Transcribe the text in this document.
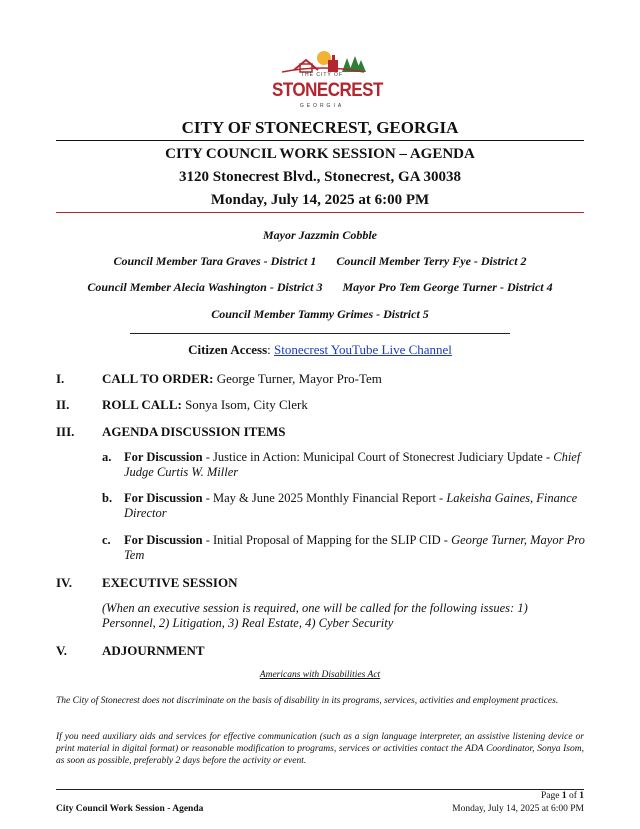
THE CITY OF
STONECREST
GEORGIA
CITY OF STONECREST, GEORGIA
CITY COUNCIL WORK SESSION – AGENDA
3120 Stonecrest Blvd., Stonecrest, GA 30038
Monday, July 14, 2025 at 6:00 PM
Mayor Jazzmin Cobble
Council Member Tara Graves - District 1 Council Member Terry Fye - District 2
Council Member Alecia Washington - District 3 Mayor Pro Tem George Turner - District 4
Council Member Tammy Grimes - District 5
Citizen Access: Stonecrest YouTube Live Channel
I.	CALL TO ORDER: George Turner, Mayor Pro-Tem
II.	ROLL CALL: Sonya Isom, City Clerk
III. AGENDA DISCUSSION ITEMS
a. For Discussion - Justice in Action: Municipal Court of Stonecrest Judiciary Update - Chief Judge Curtis W. Miller
b. For Discussion - May & June 2025 Monthly Financial Report - Lakeisha Gaines, Finance Director
c. For Discussion - Initial Proposal of Mapping for the SLIP CID - George Turner, Mayor Pro Tem
IV. EXECUTIVE SESSION
(When an executive session is required, one will be called for the following issues: 1) Personnel, 2) Litigation, 3) Real Estate, 4) Cyber Security
V.	ADJOURNMENT
Americans with Disabilities Act
The City of Stonecrest does not discriminate on the basis of disability in its programs, services, activities and employment practices.
If you need auxiliary aids and services for effective communication (such as a sign language interpreter, an assistive listening device or print material in digital format) or reasonable modification to programs, services or activities contact the ADA Coordinator, Sonya Isom, as soon as possible, preferably 2 days before the activity or event.
Page 1 of 1
City Council Work Session - Agenda	Monday, July 14, 2025 at 6:00 PM
